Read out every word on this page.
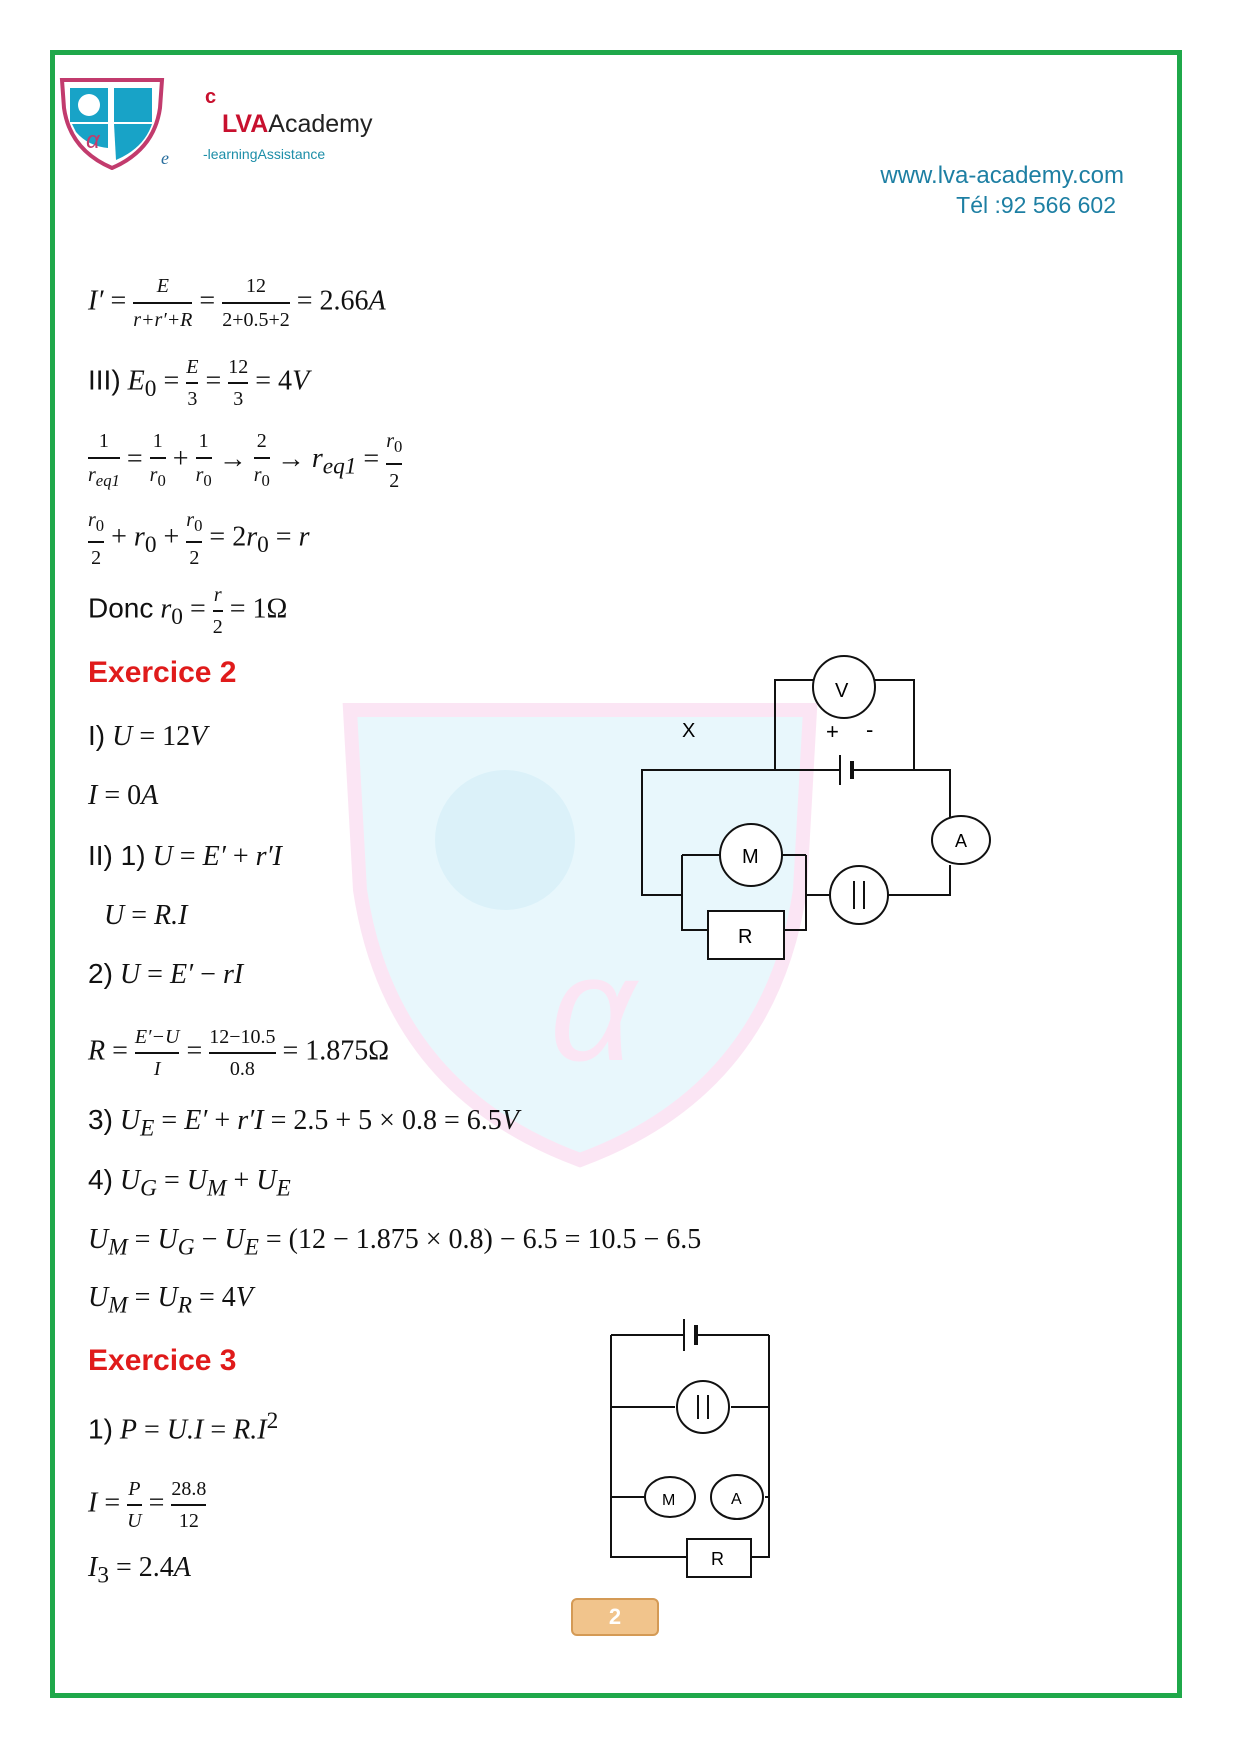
α
α
c
LVAAcademy
e -learningAssistance
www.lva-academy.com
Tél :92 566 602
$I' = \frac{E}{r+r'+R} = \frac{12}{2+0.5+2} = 2.66A$
III) $E_0 = \frac{E}{3} = \frac{12}{3} = 4V$
1
$r_{eq1}$ =
1
$r_0$ +
1
$r_0$ →
2
$r_0 \to r_{eq1}$ =
$r_0$
2
$r_0$
$2 + r_0$ +
$r_0$
$2 = 2r_0 = r$
Donc $r_0 = \frac{r}{2} = 1\Omega$
Exercice 2
I) U = 12V
I = 0A
II) 1) U = E′ + r′I
U = R.I
2) U = E′ − rI
$R = \frac{E'-U}{I} = 12-10.5$
0.8 = 1.875Ω
3) $U_E = E' + r'I = 2.5 + 5 \times 0.8 = 6.5V$
4) $U_G = U_M + U_E$
$U_M = U_G - U_E = (12 - 1.875 \times 0.8) - 6.5 = 10.5 - 6.5$
$U_M = U_R = 4V$
Exercice 3
1) $P = U.I = R.I^2$
$I = \frac{P}{U} = 28.8$
12
$I_3 = 2.4A$
V
X	+ -
A
M
R
M	A
R
2
